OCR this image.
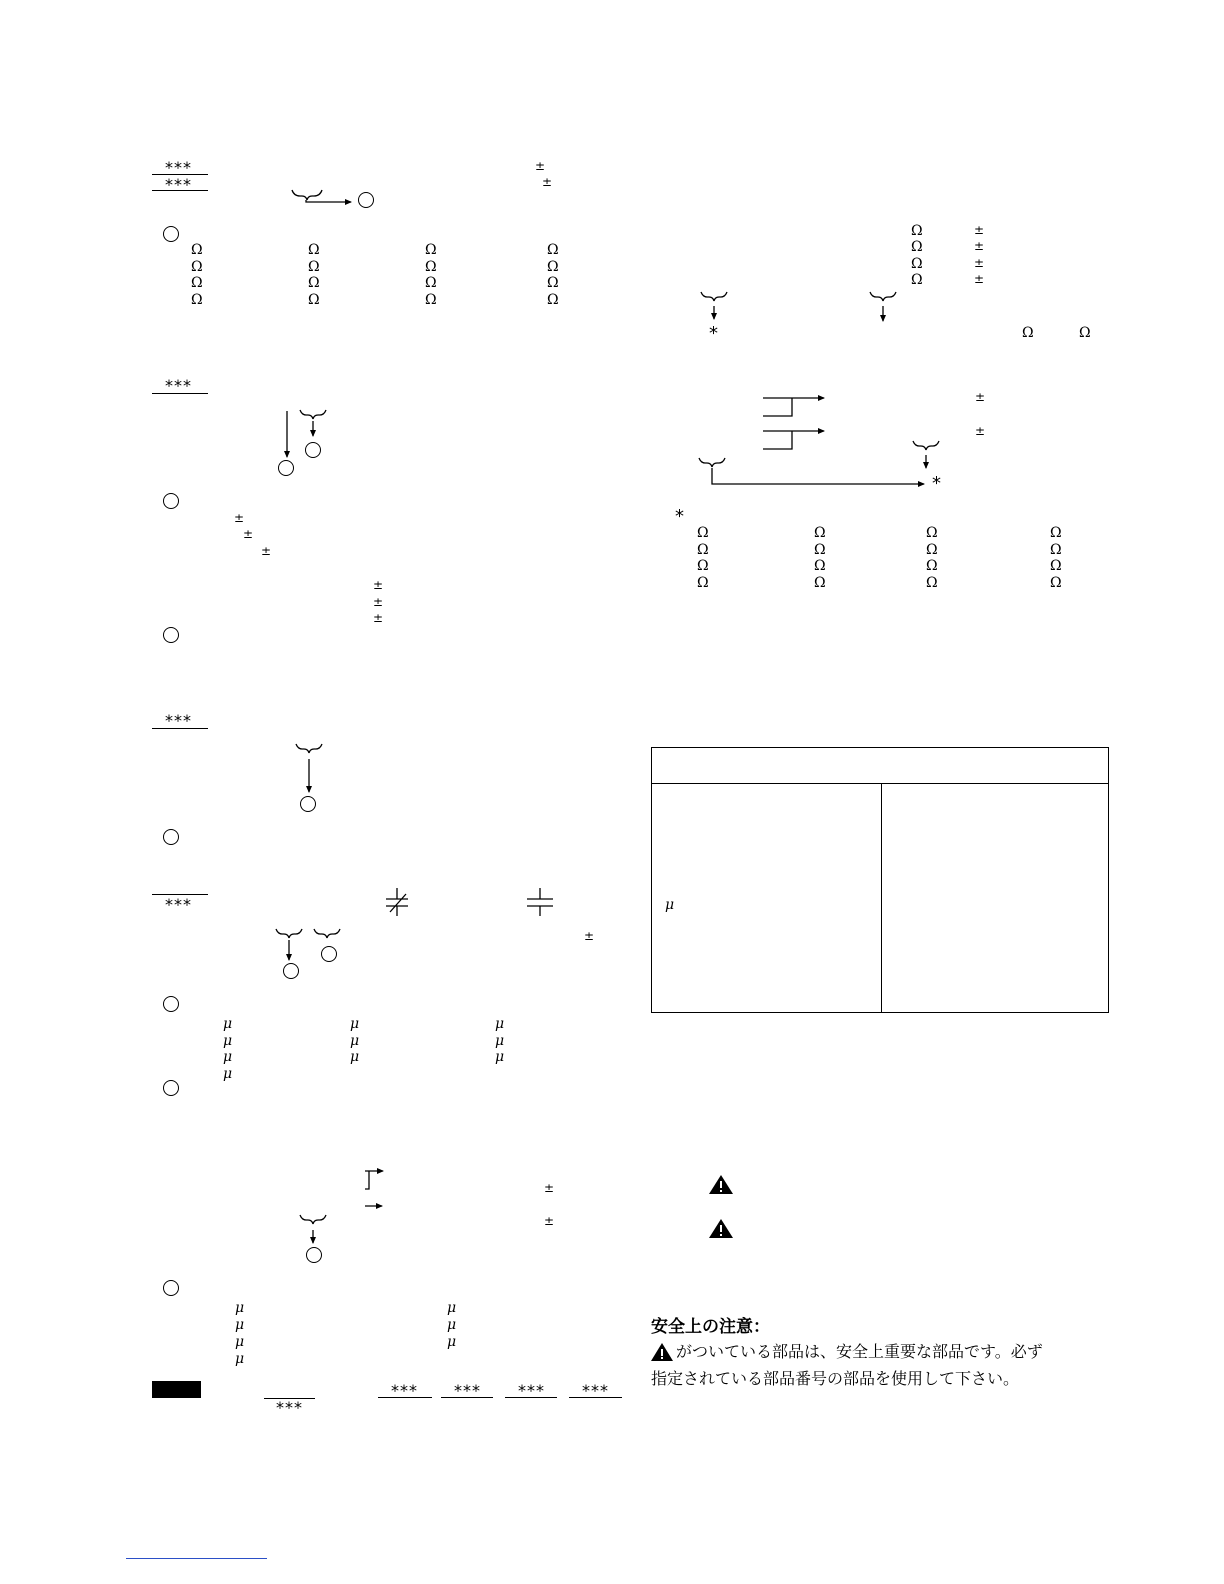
***
***
±
±
Ω	Ω	Ω	Ω
Ω	Ω	Ω	Ω
Ω	Ω	Ω	Ω
Ω	Ω	Ω	Ω
***
±
±
±
±
±
±
***
***
±
μ	μ	μ
μ	μ	μ
μ	μ	μ
μ
±
±
μ	μ
μ	μ
μ	μ
μ
***
*** *** *** ***
Ω	±
Ω	±
Ω	±
Ω	±
*	Ω	Ω
±
±
*
*
Ω	Ω	Ω	Ω
Ω	Ω	Ω	Ω
Ω	Ω	Ω	Ω
Ω	Ω	Ω	Ω
μ
安全上の注意：
がついている部品は、安全上重要な部品です。必ず
指定されている部品番号の部品を使用して下さい。
